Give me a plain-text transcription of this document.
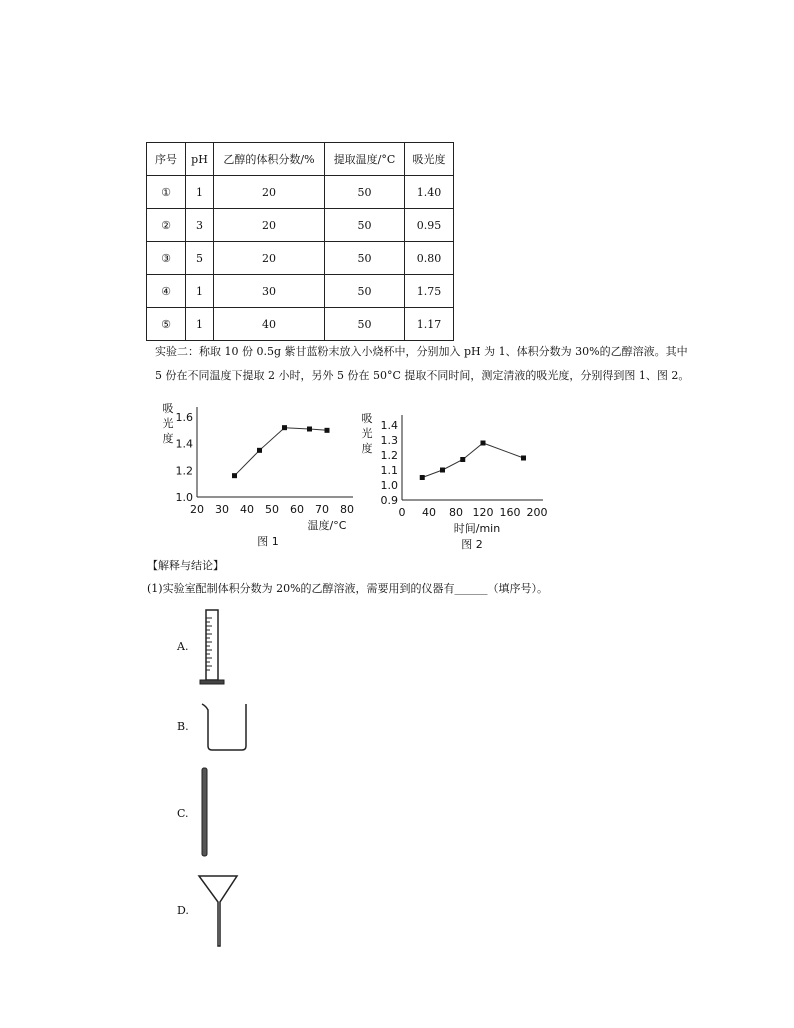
序号	pH	乙醇的体积分数/%	提取温度/°C	吸光度
①	1	20	50	1.40
②	3	20	50	0.95
③	5	20	50	0.80
④	1	30	50	1.75
⑤	1	40	50	1.17
实验二：称取 10 份 0.5g 紫甘蓝粉末放入小烧杯中，分别加入 pH 为 1、体积分数为 30%的乙醇溶液。其中
5 份在不同温度下提取 2 小时，另外 5 份在 50°C 提取不同时间，测定清液的吸光度，分别得到图 1、图 2。
1.0
1.2
1.4
1.6
20 30 40 50 60 70 80
吸
光
度
温度/°C
图 1
0.9
1.0
1.1
1.2
1.3
1.4
0 40 80 120 160 200
吸
光
度
时间/min
图 2
【解释与结论】
(1)实验室配制体积分数为 20%的乙醇溶液，需要用到的仪器有______（填序号）。
A.
B.
C.
D.
